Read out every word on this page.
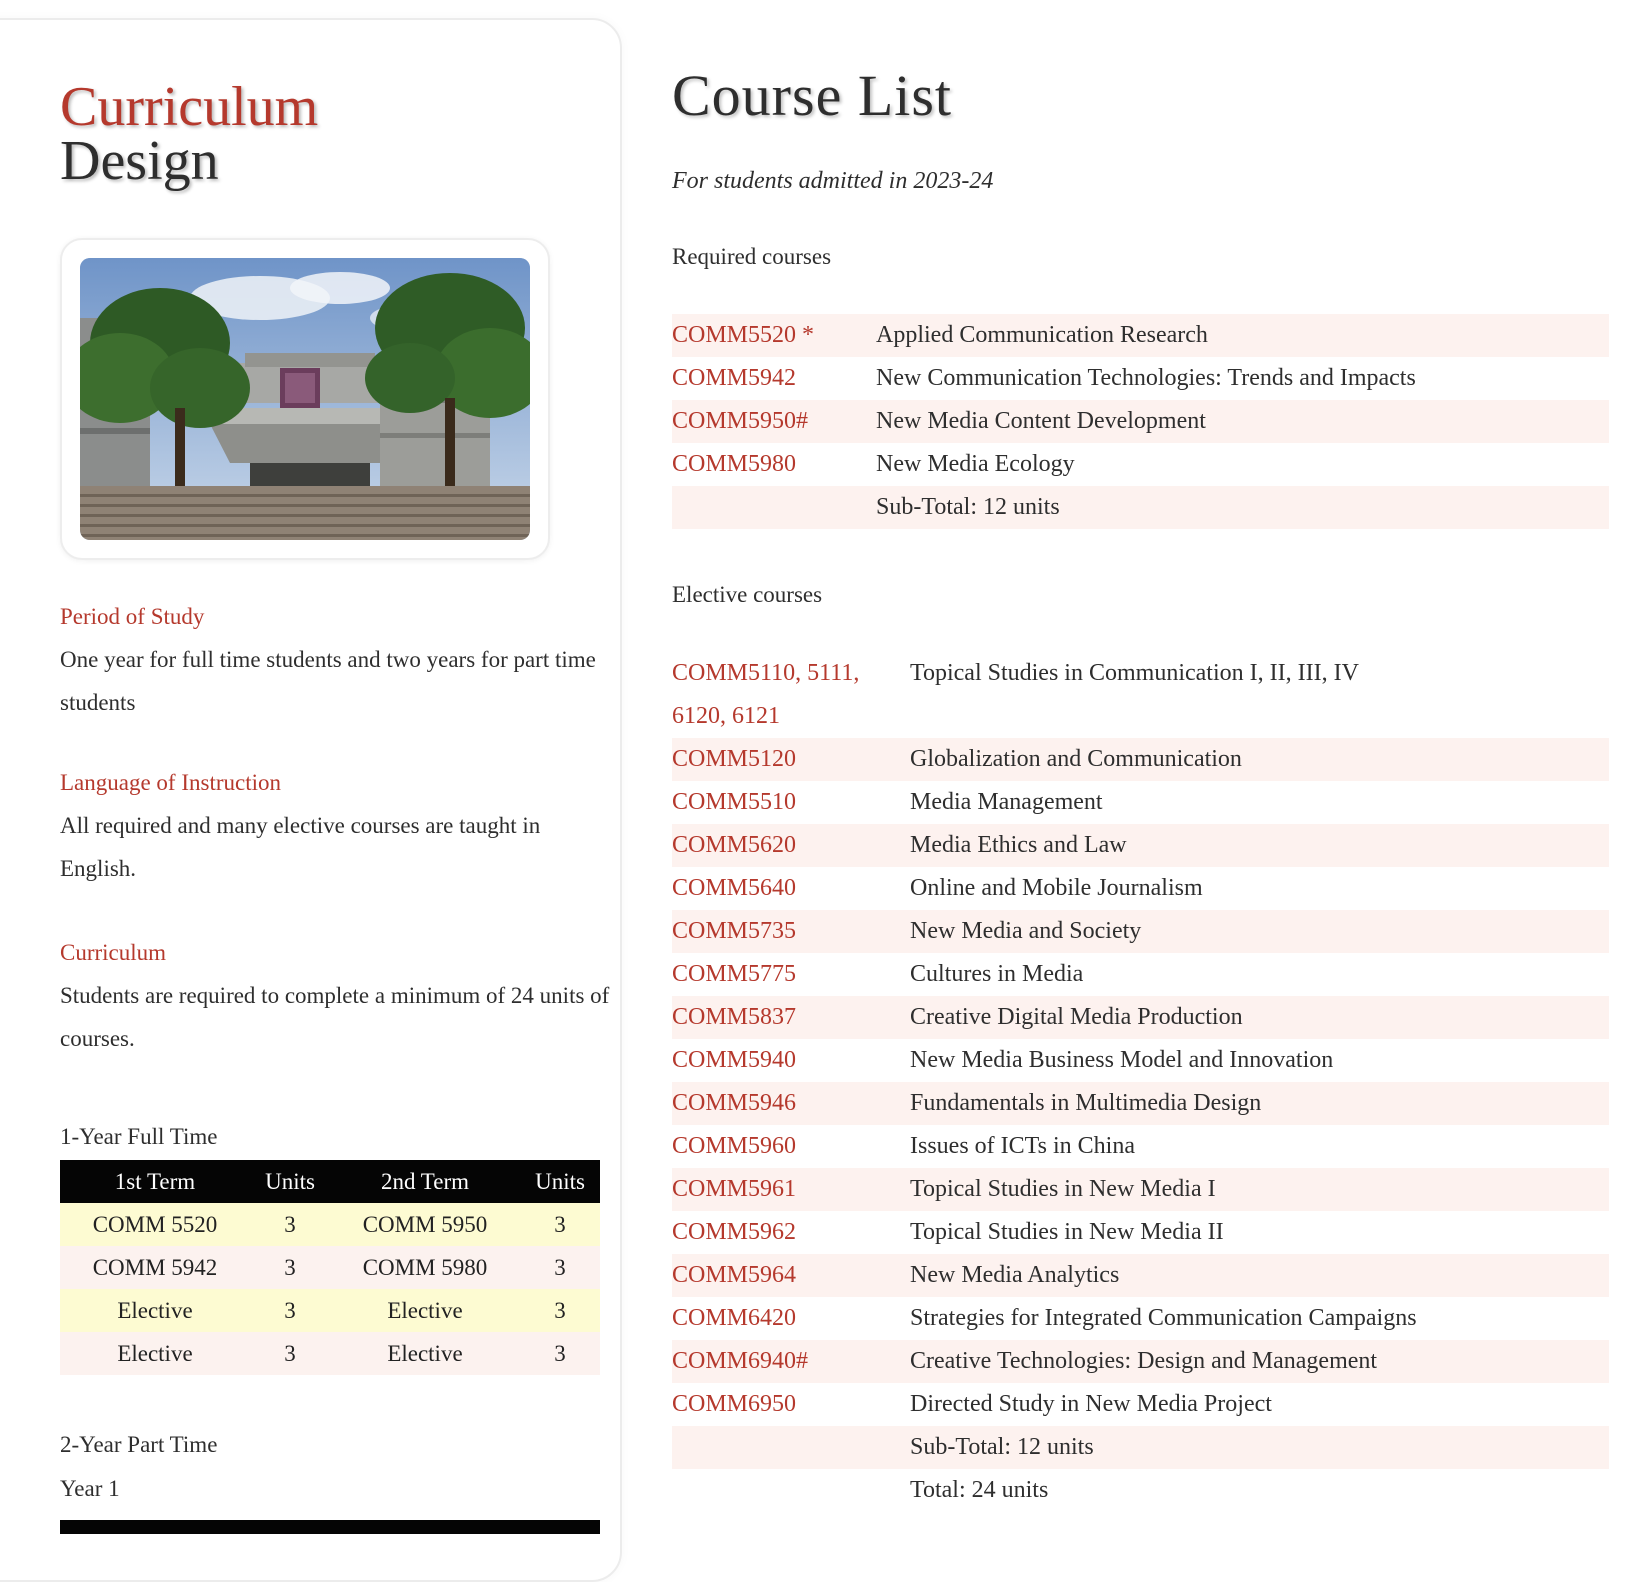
Curriculum
Design

Period of Study

One year for full time students and two years for part time students

Language of Instruction

All required and many elective courses are taught in English.

Curriculum

Students are required to complete a minimum of 24 units of courses.

1-Year Full Time
1st Term	Units	2nd Term	Units
COMM 5520	3	COMM 5950	3
COMM 5942	3	COMM 5980	3
Elective	3	Elective	3
Elective	3	Elective	3
2-Year Part Time
Year 1
Course List
For students admitted in 2023-24
Required courses
COMM5520 *	Applied Communication Research
COMM5942	New Communication Technologies: Trends and Impacts
COMM5950#	New Media Content Development
COMM5980	New Media Ecology
Sub-Total: 12 units
Elective courses
COMM5110, 5111, 6120, 6121
Topical Studies in Communication I, II, III, IV
COMM5120	Globalization and Communication
COMM5510	Media Management
COMM5620	Media Ethics and Law
COMM5640	Online and Mobile Journalism
COMM5735	New Media and Society
COMM5775	Cultures in Media
COMM5837	Creative Digital Media Production
COMM5940	New Media Business Model and Innovation
COMM5946	Fundamentals in Multimedia Design
COMM5960	Issues of ICTs in China
COMM5961	Topical Studies in New Media I
COMM5962	Topical Studies in New Media II
COMM5964	New Media Analytics
COMM6420	Strategies for Integrated Communication Campaigns
COMM6940#	Creative Technologies: Design and Management
COMM6950	Directed Study in New Media Project
Sub-Total: 12 units
Total: 24 units
